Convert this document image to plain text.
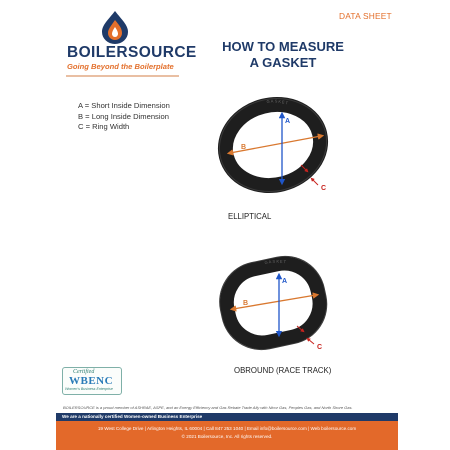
BOILERSOURCE
Going Beyond the Boilerplate
DATA SHEET
HOW TO MEASURE
A GASKET
A = Short Inside Dimension
B = Long Inside Dimension
C = Ring Width
GASKET
A
B
C
ELLIPTICAL
GASKET
A
B
C
OBROUND (RACE TRACK)
Certified
WBENC
Women's Business Enterprise
BOILERSOURCE is a proud member of ASHRAE, ASPE, and an Energy Efficiency and Gas Rebate Trade Ally with Nicor Gas, Peoples Gas, and North Shore Gas.
We are a nationally certified Women-owned Business Enterprise
19 West College Drive | Arlington Heights, IL 60004 | Call 847 253 1040 | Email info@boilersource.com | Web boilersource.com
© 2021 Boilersource, Inc. All rights reserved.
